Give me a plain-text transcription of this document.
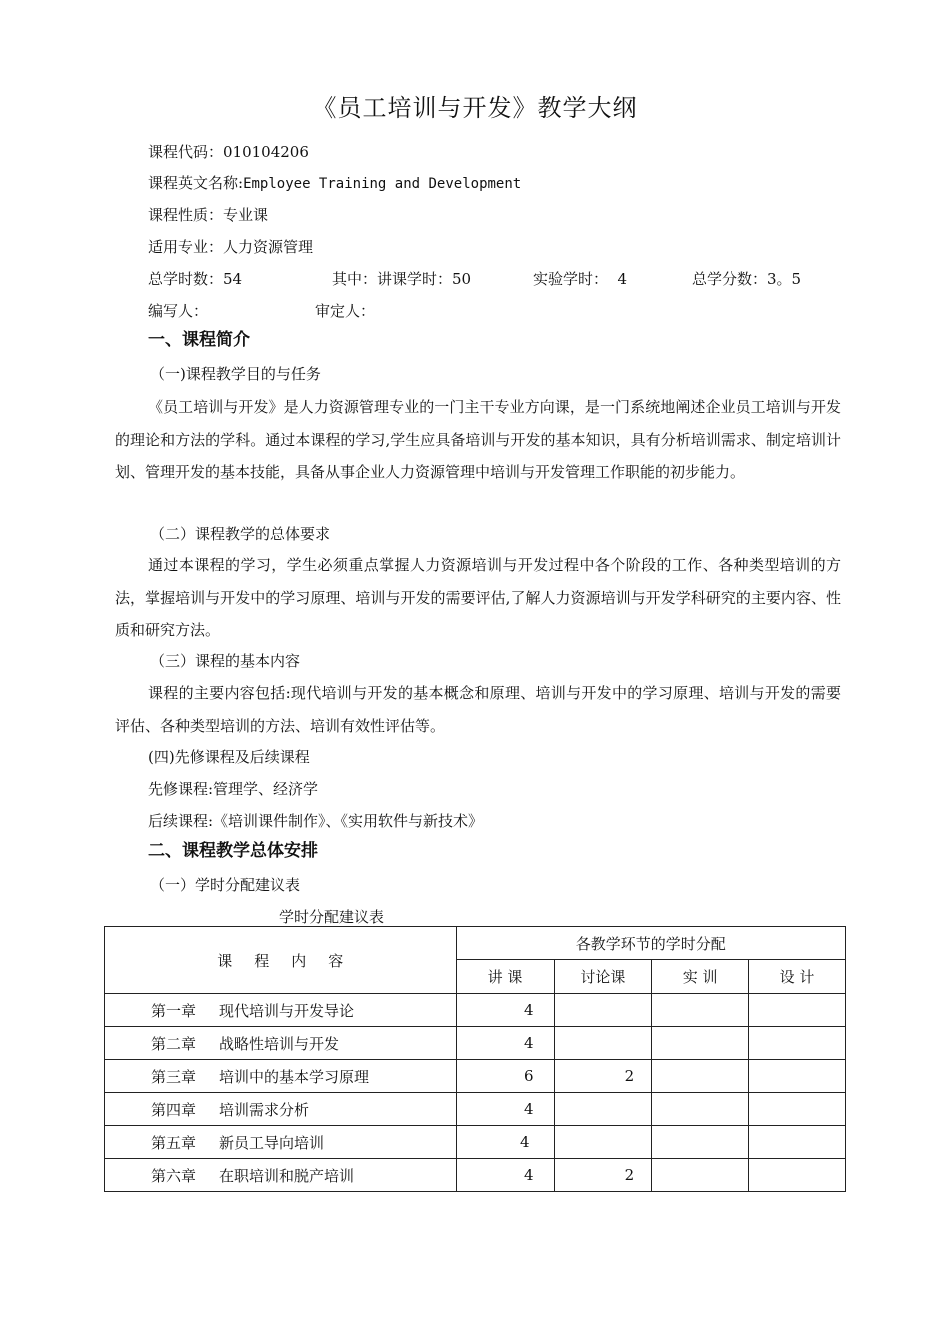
《员工培训与开发》教学大纲
课程代码：010104206
课程英文名称:Employee Training and Development
课程性质：专业课
适用专业：人力资源管理
总学时数：54	其中：讲课学时：50	实验学时：  4	总学分数：3。5
编写人：	审定人：
一、课程简介
（一)课程教学目的与任务
《员工培训与开发》是人力资源管理专业的一门主干专业方向课，是一门系统地阐述企业员工培训与开发的理论和方法的学科。通过本课程的学习,学生应具备培训与开发的基本知识，具有分析培训需求、制定培训计划、管理开发的基本技能，具备从事企业人力资源管理中培训与开发管理工作职能的初步能力。
（二）课程教学的总体要求
通过本课程的学习，学生必须重点掌握人力资源培训与开发过程中各个阶段的工作、各种类型培训的方法，掌握培训与开发中的学习原理、培训与开发的需要评估,了解人力资源培训与开发学科研究的主要内容、性质和研究方法。
（三）课程的基本内容
课程的主要内容包括:现代培训与开发的基本概念和原理、培训与开发中的学习原理、培训与开发的需要评估、各种类型培训的方法、培训有效性评估等。
(四)先修课程及后续课程
先修课程:管理学、经济学
后续课程:《培训课件制作》、《实用软件与新技术》
二、课程教学总体安排
（一）学时分配建议表
学时分配建议表
课程内容	各教学环节的学时分配			
	讲 课	讨论课	实 训	设 计
第一章 现代培训与开发导论	4			
第二章 战略性培训与开发	4			
第三章 培训中的基本学习原理	6	2		
第四章 培训需求分析	4			
第五章 新员工导向培训	4			
第六章 在职培训和脱产培训	4	2		
